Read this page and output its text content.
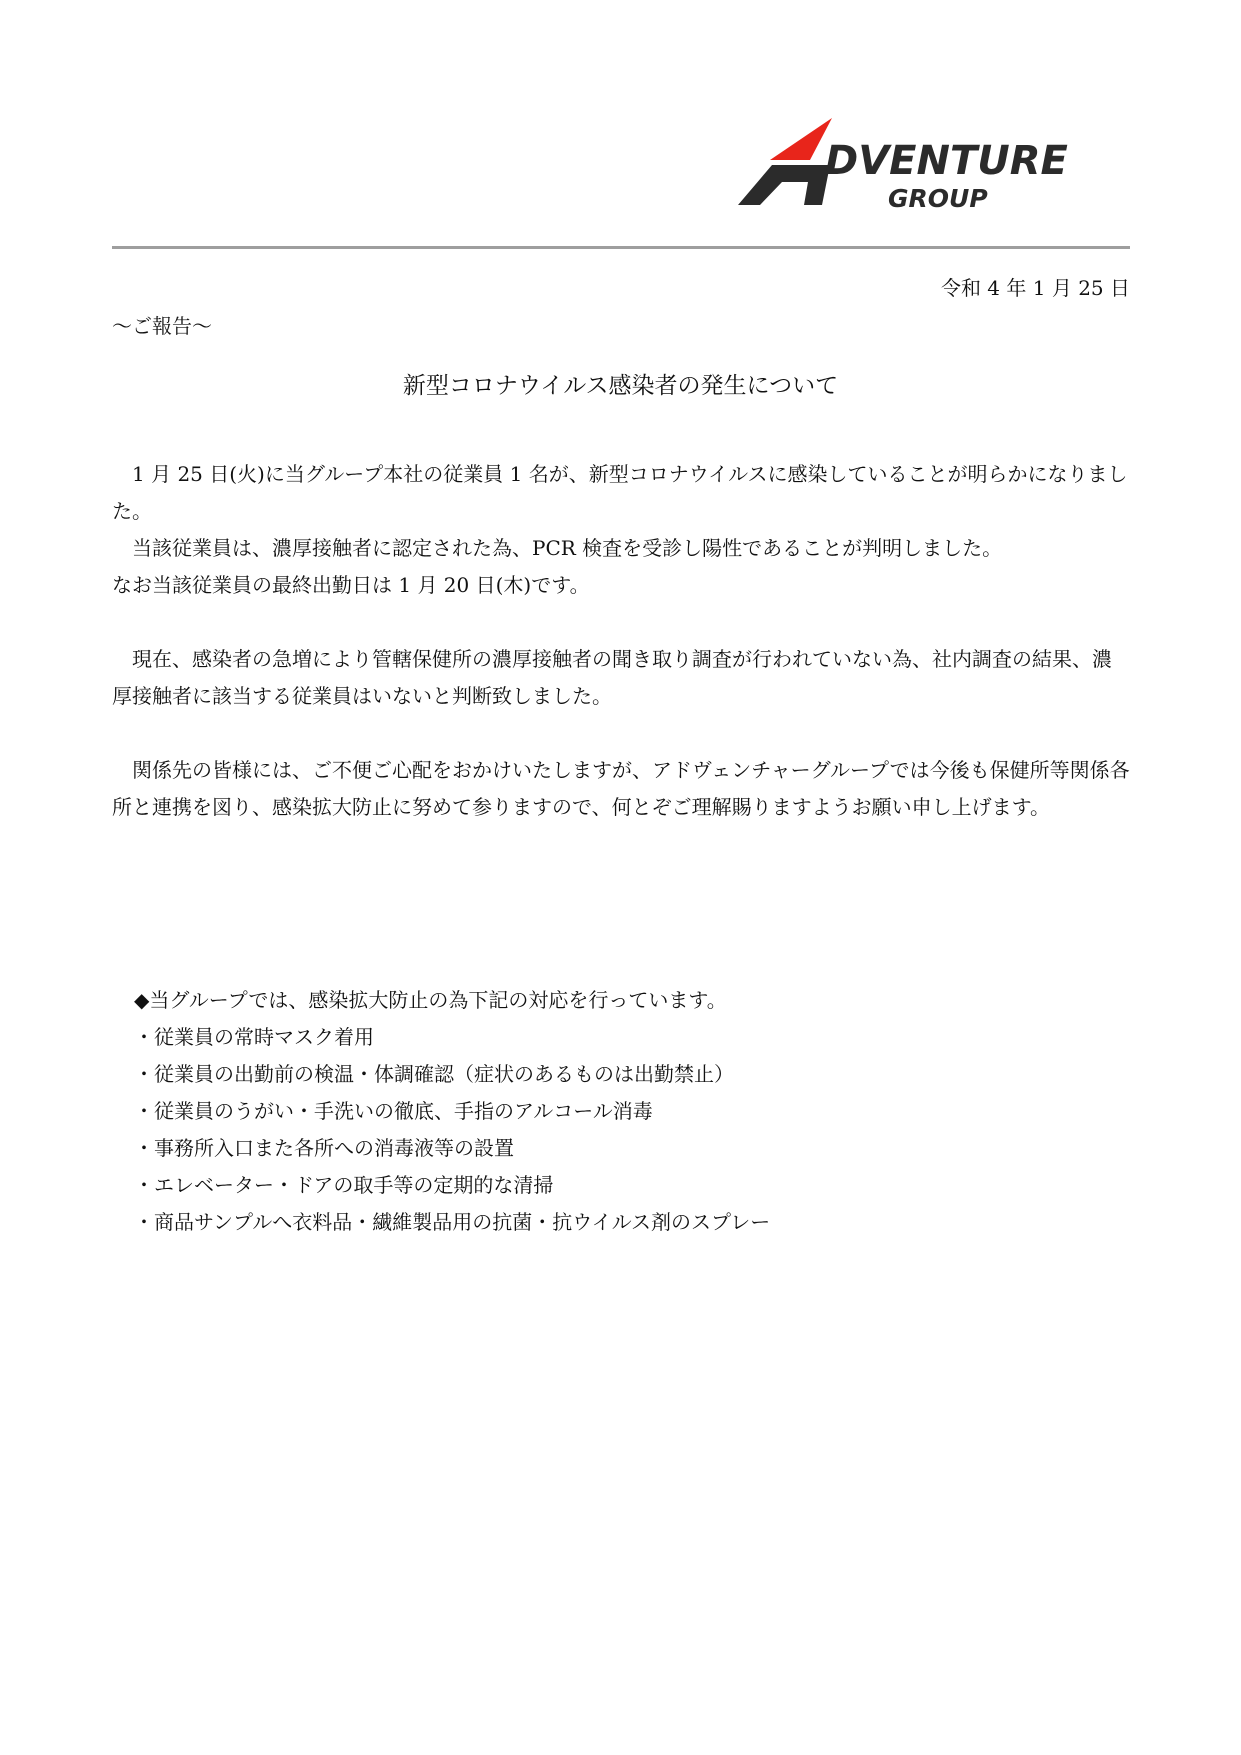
DVENTURE
GROUP
令和 4 年 1 月 25 日
〜ご報告〜
新型コロナウイルス感染者の発生について

1 月 25 日(火)に当グループ本社の従業員 1 名が、新型コロナウイルスに感染していることが明らかになりました。

当該従業員は、濃厚接触者に認定された為、PCR 検査を受診し陽性であることが判明しました。

なお当該従業員の最終出勤日は 1 月 20 日(木)です。

現在、感染者の急増により管轄保健所の濃厚接触者の聞き取り調査が行われていない為、社内調査の結果、濃厚接触者に該当する従業員はいないと判断致しました。

関係先の皆様には、ご不便ご心配をおかけいたしますが、アドヴェンチャーグループでは今後も保健所等関係各所と連携を図り、感染拡大防止に努めて参りますので、何とぞご理解賜りますようお願い申し上げます。

◆当グループでは、感染拡大防止の為下記の対応を行っています。
・従業員の常時マスク着用
・従業員の出勤前の検温・体調確認（症状のあるものは出勤禁止）
・従業員のうがい・手洗いの徹底、手指のアルコール消毒
・事務所入口また各所への消毒液等の設置
・エレベーター・ドアの取手等の定期的な清掃
・商品サンプルへ衣料品・繊維製品用の抗菌・抗ウイルス剤のスプレー
